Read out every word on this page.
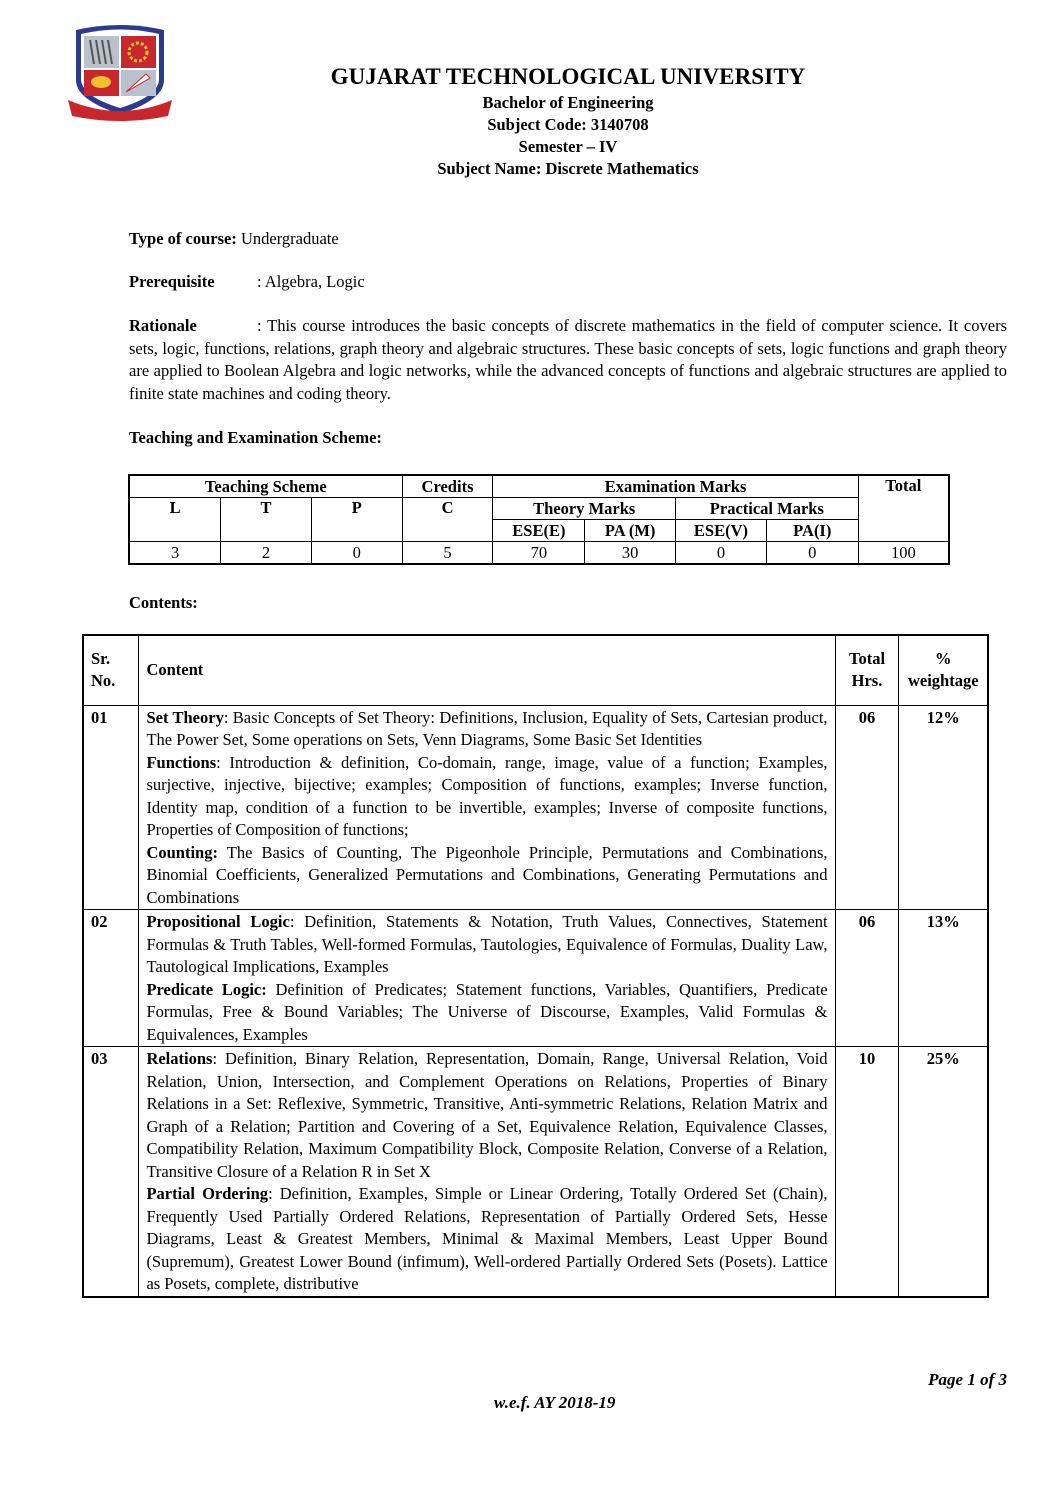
GUJARAT TECHNOLOGICAL UNIVERSITY
Bachelor of Engineering
Subject Code: 3140708
Semester – IV
Subject Name: Discrete Mathematics
Type of course: Undergraduate
Prerequisite	: Algebra, Logic
Rationale	: This course introduces the basic concepts of discrete mathematics in the field of computer science. It covers sets, logic, functions, relations, graph theory and algebraic structures. These basic concepts of sets, logic functions and graph theory are applied to Boolean Algebra and logic networks, while the advanced concepts of functions and algebraic structures are applied to finite state machines and coding theory.
Teaching and Examination Scheme:
Teaching Scheme			Credits	Examination Marks				Total
L	T	P	C	Theory Marks		Practical Marks		
				ESE(E)	PA (M)	ESE(V)	PA(I)	
3	2	0	5	70	30	0	0	100
Contents:
Sr. No.	Content	Total Hrs.	% weightage
01	Set Theory: Basic Concepts of Set Theory: Definitions, Inclusion, Equality of Sets, Cartesian product, The Power Set, Some operations on Sets, Venn Diagrams, Some Basic Set Identities
Functions: Introduction & definition, Co-domain, range, image, value of a function; Examples, surjective, injective, bijective; examples; Composition of functions, examples; Inverse function, Identity map, condition of a function to be invertible, examples; Inverse of composite functions, Properties of Composition of functions;
Counting: The Basics of Counting, The Pigeonhole Principle, Permutations and Combinations, Binomial Coefficients, Generalized Permutations and Combinations, Generating Permutations and Combinations	06	12%
02	Propositional Logic: Definition, Statements & Notation, Truth Values, Connectives, Statement Formulas & Truth Tables, Well-formed Formulas, Tautologies, Equivalence of Formulas, Duality Law, Tautological Implications, Examples
Predicate Logic: Definition of Predicates; Statement functions, Variables, Quantifiers, Predicate Formulas, Free & Bound Variables; The Universe of Discourse, Examples, Valid Formulas & Equivalences, Examples	06	13%
03	Relations: Definition, Binary Relation, Representation, Domain, Range, Universal Relation, Void Relation, Union, Intersection, and Complement Operations on Relations, Properties of Binary Relations in a Set: Reflexive, Symmetric, Transitive, Anti-symmetric Relations, Relation Matrix and Graph of a Relation; Partition and Covering of a Set, Equivalence Relation, Equivalence Classes, Compatibility Relation, Maximum Compatibility Block, Composite Relation, Converse of a Relation, Transitive Closure of a Relation R in Set X
Partial Ordering: Definition, Examples, Simple or Linear Ordering, Totally Ordered Set (Chain), Frequently Used Partially Ordered Relations, Representation of Partially Ordered Sets, Hesse Diagrams, Least & Greatest Members, Minimal & Maximal Members, Least Upper Bound (Supremum), Greatest Lower Bound (infimum), Well-ordered Partially Ordered Sets (Posets). Lattice as Posets, complete, distributive	10	25%
Page 1 of 3
w.e.f. AY 2018-19
